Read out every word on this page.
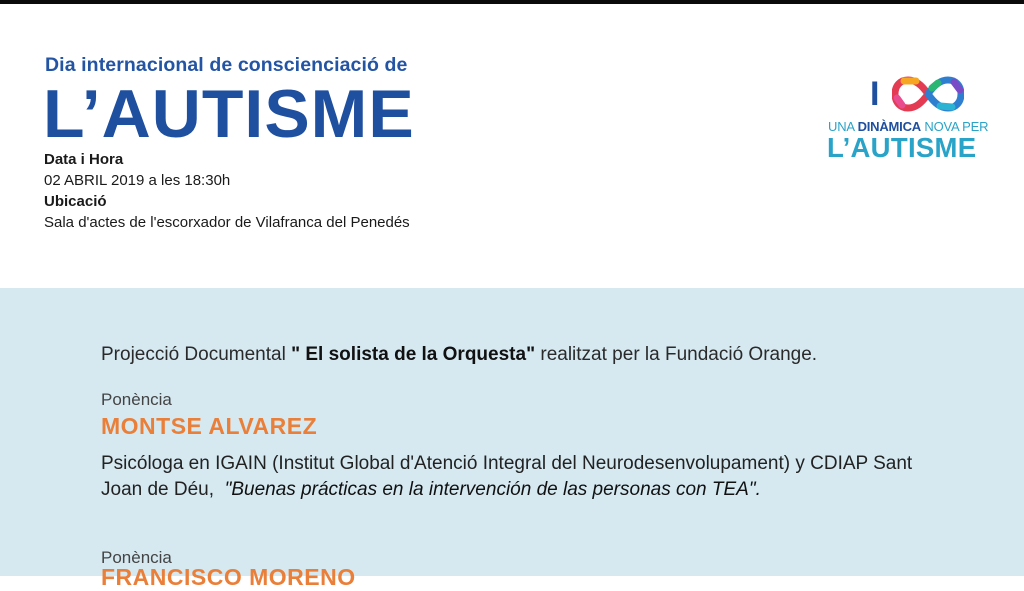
Dia internacional de conscienciació de
L’AUTISME
Data i Hora
02 ABRIL 2019 a les 18:30h
Ubicació
Sala d'actes de l'escorxador de Vilafranca del Penedés
I
UNA DINÀMICA NOVA PER
L’AUTISME
Projecció Documental " El solista de la Orquesta" realitzat per la Fundació Orange.
Ponència
MONTSE ALVAREZ
Psicóloga en IGAIN (Institut Global d'Atenció Integral del Neurodesenvolupament) y CDIAP Sant Joan de Déu, "Buenas prácticas en la intervención de las personas con TEA".
Ponència
FRANCISCO MORENO
